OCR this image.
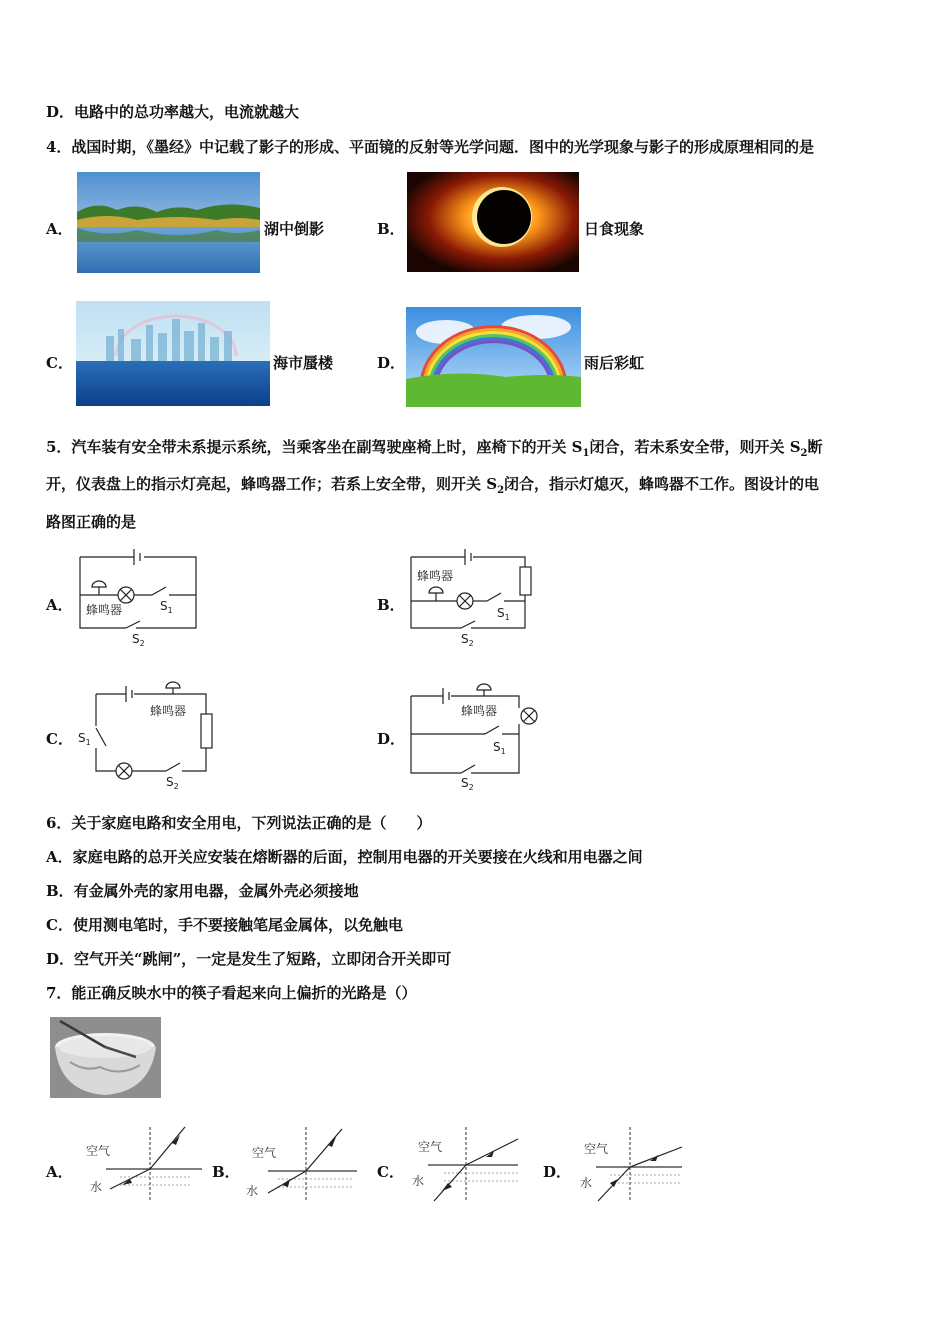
D．电路中的总功率越大，电流就越大
4．战国时期，《墨经》中记载了影子的形成、平面镜的反射等光学问题．图中的光学现象与影子的形成原理相同的是
A．	湖中倒影	B．	日食现象
C．	海市蜃楼	D．	雨后彩虹
5．汽车装有安全带未系提示系统，当乘客坐在副驾驶座椅上时，座椅下的开关 $S_1$闭合，若未系安全带，则开关 $S_2$断
开，仪表盘上的指示灯亮起，蜂鸣器工作；若系上安全带，则开关 $S_2$闭合，指示灯熄灭，蜂鸣器不工作。图设计的电
路图正确的是
A． 蜂鸣器	$S_1$
$S_2$
B．
蜂鸣器
$S_1$
$S_2$
C．
蜂鸣器
$S_1$
$S_2$
D．
蜂鸣器
$S_1$
$S_2$
6．关于家庭电路和安全用电，下列说法正确的是（　　）
A．家庭电路的总开关应安装在熔断器的后面，控制用电器的开关要接在火线和用电器之间
B．有金属外壳的家用电器，金属外壳必须接地
C．使用测电笔时，手不要接触笔尾金属体，以免触电
D．空气开关“跳闸”，一定是发生了短路，立即闭合开关即可
7．能正确反映水中的筷子看起来向上偏折的光路是（）
A．
空气
水
B．
空气
水
C．
空气
水	D．
空气
水
